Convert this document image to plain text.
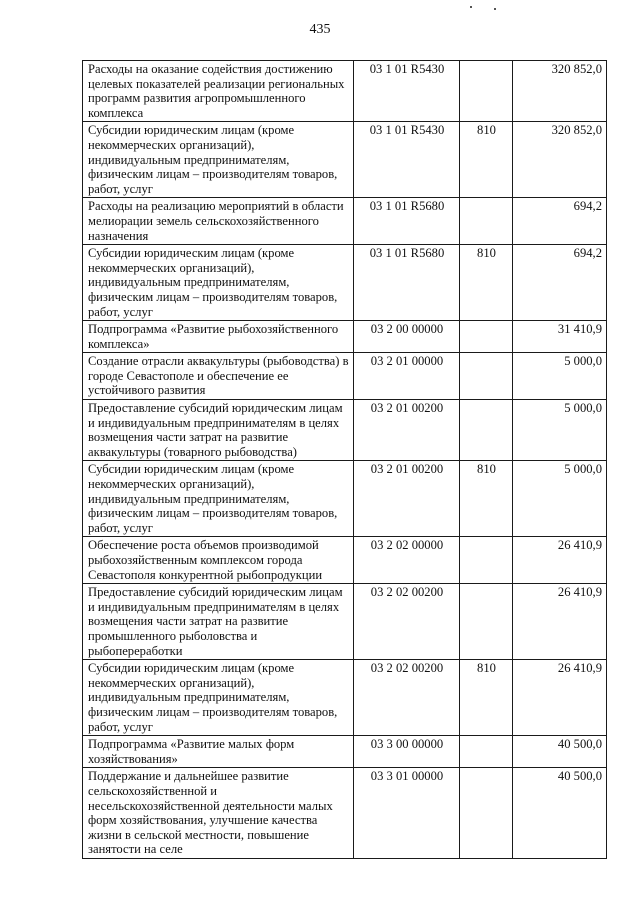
435
Расходы на оказание содействия достижению целевых показателей реализации региональных программ развития агропромышленного комплекса	03 1 01 R5430		320 852,0
Субсидии юридическим лицам (кроме некоммерческих организаций), индивидуальным предпринимателям, физическим лицам – производителям товаров, работ, услуг	03 1 01 R5430	810	320 852,0
Расходы на реализацию мероприятий в области мелиорации земель сельскохозяйственного назначения	03 1 01 R5680		694,2
Субсидии юридическим лицам (кроме некоммерческих организаций), индивидуальным предпринимателям, физическим лицам – производителям товаров, работ, услуг	03 1 01 R5680	810	694,2
Подпрограмма «Развитие рыбохозяйственного комплекса»	03 2 00 00000		31 410,9
Создание отрасли аквакультуры (рыбоводства) в городе Севастополе и обеспечение ее устойчивого развития	03 2 01 00000		5 000,0
Предоставление субсидий юридическим лицам и индивидуальным предпринимателям в целях возмещения части затрат на развитие аквакультуры (товарного рыбоводства)	03 2 01 00200		5 000,0
Субсидии юридическим лицам (кроме некоммерческих организаций), индивидуальным предпринимателям, физическим лицам – производителям товаров, работ, услуг	03 2 01 00200	810	5 000,0
Обеспечение роста объемов производимой рыбохозяйственным комплексом города Севастополя конкурентной рыбопродукции	03 2 02 00000		26 410,9
Предоставление субсидий юридическим лицам и индивидуальным предпринимателям в целях возмещения части затрат на развитие промышленного рыболовства и рыбопереработки	03 2 02 00200		26 410,9
Субсидии юридическим лицам (кроме некоммерческих организаций), индивидуальным предпринимателям, физическим лицам – производителям товаров, работ, услуг	03 2 02 00200	810	26 410,9
Подпрограмма «Развитие малых форм хозяйствования»	03 3 00 00000		40 500,0
Поддержание и дальнейшее развитие сельскохозяйственной и несельскохозяйственной деятельности малых форм хозяйствования, улучшение качества жизни в сельской местности, повышение занятости на селе	03 3 01 00000		40 500,0
